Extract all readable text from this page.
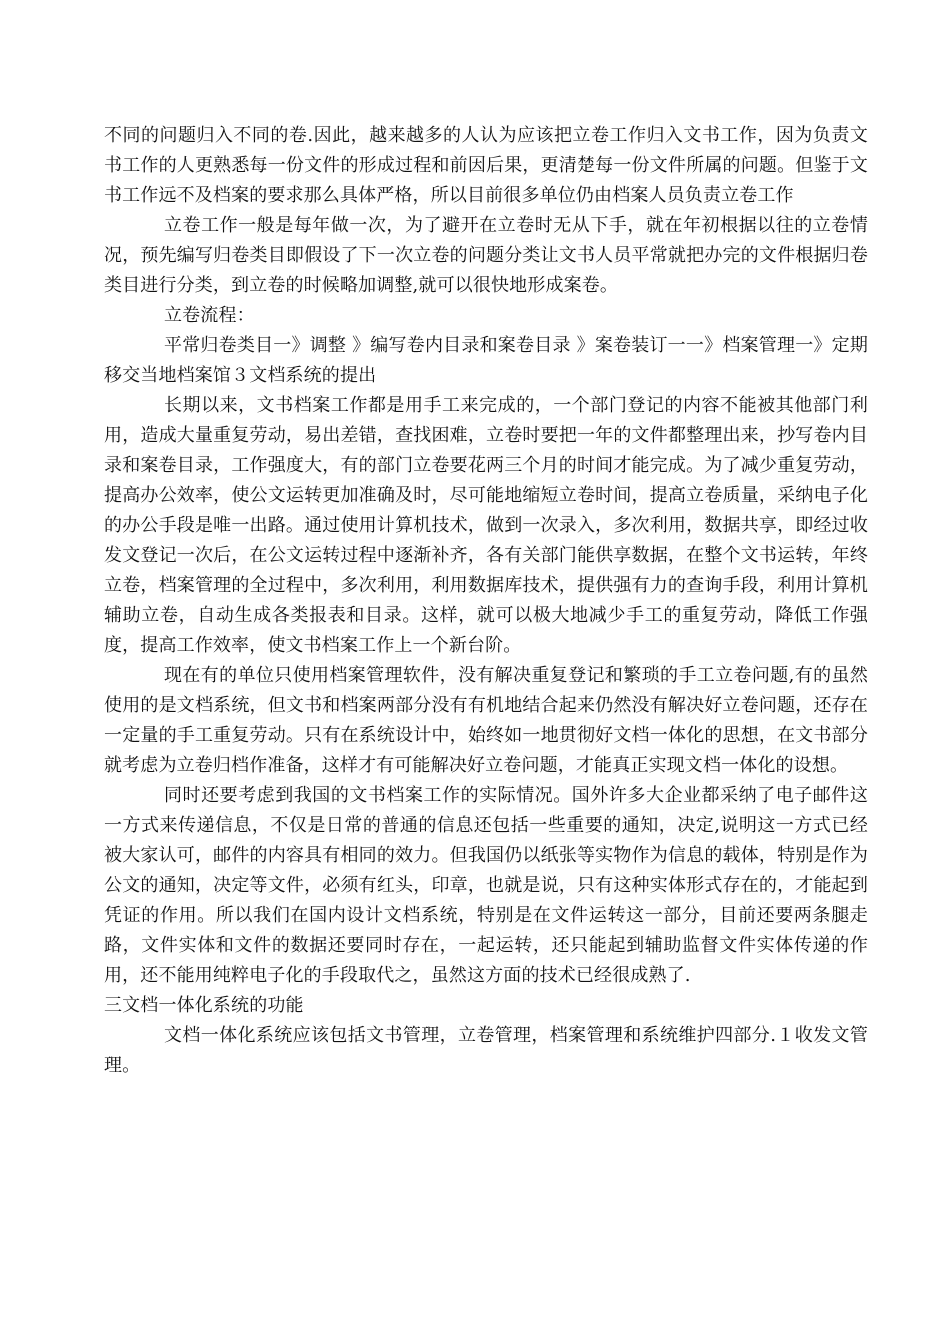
不同的问题归入不同的卷.因此，越来越多的人认为应该把立卷工作归入文书工作，因为负责文书工作的人更熟悉每一份文件的形成过程和前因后果，更清楚每一份文件所属的问题。但鉴于文书工作远不及档案的要求那么具体严格，所以目前很多单位仍由档案人员负责立卷工作

立卷工作一般是每年做一次，为了避开在立卷时无从下手，就在年初根据以往的立卷情况，预先编写归卷类目即假设了下一次立卷的问题分类让文书人员平常就把办完的文件根据归卷类目进行分类，到立卷的时候略加调整,就可以很快地形成案卷。

立卷流程：

平常归卷类目一》调整 》编写卷内目录和案卷目录 》案卷装订一一》档案管理一》定期移交当地档案馆３文档系统的提出

长期以来，文书档案工作都是用手工来完成的，一个部门登记的内容不能被其他部门利用，造成大量重复劳动，易出差错，查找困难，立卷时要把一年的文件都整理出来，抄写卷内目录和案卷目录，工作强度大，有的部门立卷要花两三个月的时间才能完成。为了减少重复劳动，提高办公效率，使公文运转更加准确及时，尽可能地缩短立卷时间，提高立卷质量，采纳电子化的办公手段是唯一出路。通过使用计算机技术，做到一次录入，多次利用，数据共享，即经过收发文登记一次后，在公文运转过程中逐渐补齐，各有关部门能供享数据，在整个文书运转，年终立卷，档案管理的全过程中，多次利用，利用数据库技术，提供强有力的查询手段，利用计算机辅助立卷，自动生成各类报表和目录。这样，就可以极大地减少手工的重复劳动，降低工作强度，提高工作效率，使文书档案工作上一个新台阶。

现在有的单位只使用档案管理软件，没有解决重复登记和繁琐的手工立卷问题,有的虽然使用的是文档系统，但文书和档案两部分没有有机地结合起来仍然没有解决好立卷问题，还存在一定量的手工重复劳动。只有在系统设计中，始终如一地贯彻好文档一体化的思想，在文书部分就考虑为立卷归档作准备，这样才有可能解决好立卷问题，才能真正实现文档一体化的设想。

同时还要考虑到我国的文书档案工作的实际情况。国外许多大企业都采纳了电子邮件这一方式来传递信息，不仅是日常的普通的信息还包括一些重要的通知，决定,说明这一方式已经被大家认可，邮件的内容具有相同的效力。但我国仍以纸张等实物作为信息的载体，特别是作为公文的通知，决定等文件，必须有红头，印章，也就是说，只有这种实体形式存在的，才能起到凭证的作用。所以我们在国内设计文档系统，特别是在文件运转这一部分，目前还要两条腿走路，文件实体和文件的数据还要同时存在，一起运转，还只能起到辅助监督文件实体传递的作用，还不能用纯粹电子化的手段取代之，虽然这方面的技术已经很成熟了.

三文档一体化系统的功能

文档一体化系统应该包括文书管理，立卷管理，档案管理和系统维护四部分.１收发文管理。
